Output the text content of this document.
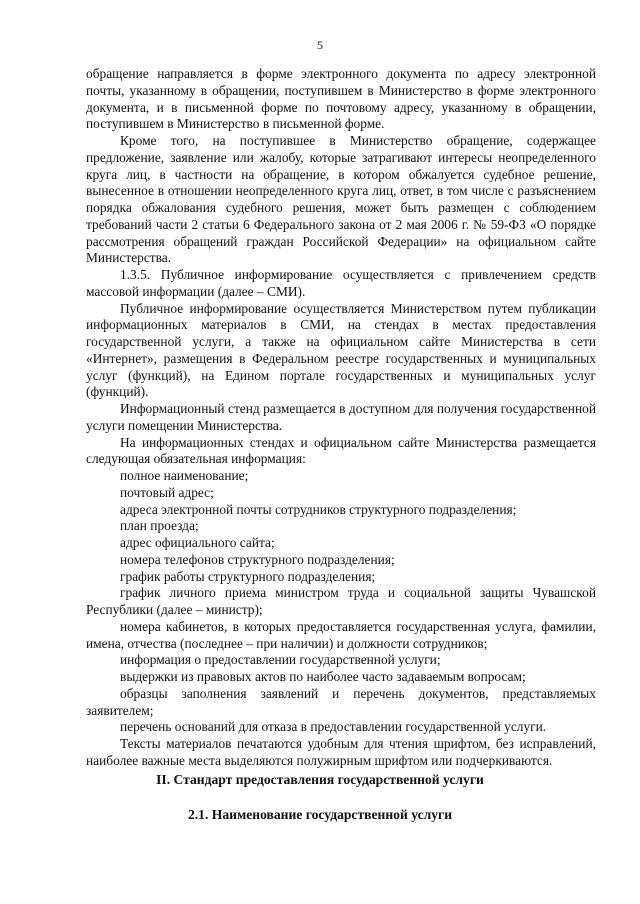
5

обращение направляется в форме электронного документа по адресу электронной почты, указанному в обращении, поступившем в Министерство в форме электронного документа, и в письменной форме по почтовому адресу, указанному в обращении, поступившем в Министерство в письменной форме.

Кроме того, на поступившее в Министерство обращение, содержащее предложение, заявление или жалобу, которые затрагивают интересы неопределенного круга лиц, в частности на обращение, в котором обжалуется судебное решение, вынесенное в отношении неопределенного круга лиц, ответ, в том числе с разъяснением порядка обжалования судебного решения, может быть размещен с соблюдением требований части 2 статьи 6 Федерального закона от 2 мая 2006 г. № 59-ФЗ «О порядке рассмотрения обращений граждан Российской Федерации» на официальном сайте Министерства.

1.3.5. Публичное информирование осуществляется с привлечением средств массовой информации (далее – СМИ).

Публичное информирование осуществляется Министерством путем публикации информационных материалов в СМИ, на стендах в местах предоставления государственной услуги, а также на официальном сайте Министерства в сети «Интернет», размещения в Федеральном реестре государственных и муниципальных услуг (функций), на Едином портале государственных и муниципальных услуг (функций).

Информационный стенд размещается в доступном для получения государственной услуги помещении Министерства.

На информационных стендах и официальном сайте Министерства размещается следующая обязательная информация:

полное наименование;

почтовый адрес;

адреса электронной почты сотрудников структурного подразделения;

план проезда;

адрес официального сайта;

номера телефонов структурного подразделения;

график работы структурного подразделения;

график личного приема министром труда и социальной защиты Чувашской Республики (далее – министр);

номера кабинетов, в которых предоставляется государственная услуга, фамилии, имена, отчества (последнее – при наличии) и должности сотрудников;

информация о предоставлении государственной услуги;

выдержки из правовых актов по наиболее часто задаваемым вопросам;

образцы заполнения заявлений и перечень документов, представляемых заявителем;

перечень оснований для отказа в предоставлении государственной услуги.

Тексты материалов печатаются удобным для чтения шрифтом, без исправлений, наиболее важные места выделяются полужирным шрифтом или подчеркиваются.

II. Стандарт предоставления государственной услуги
2.1. Наименование государственной услуги
